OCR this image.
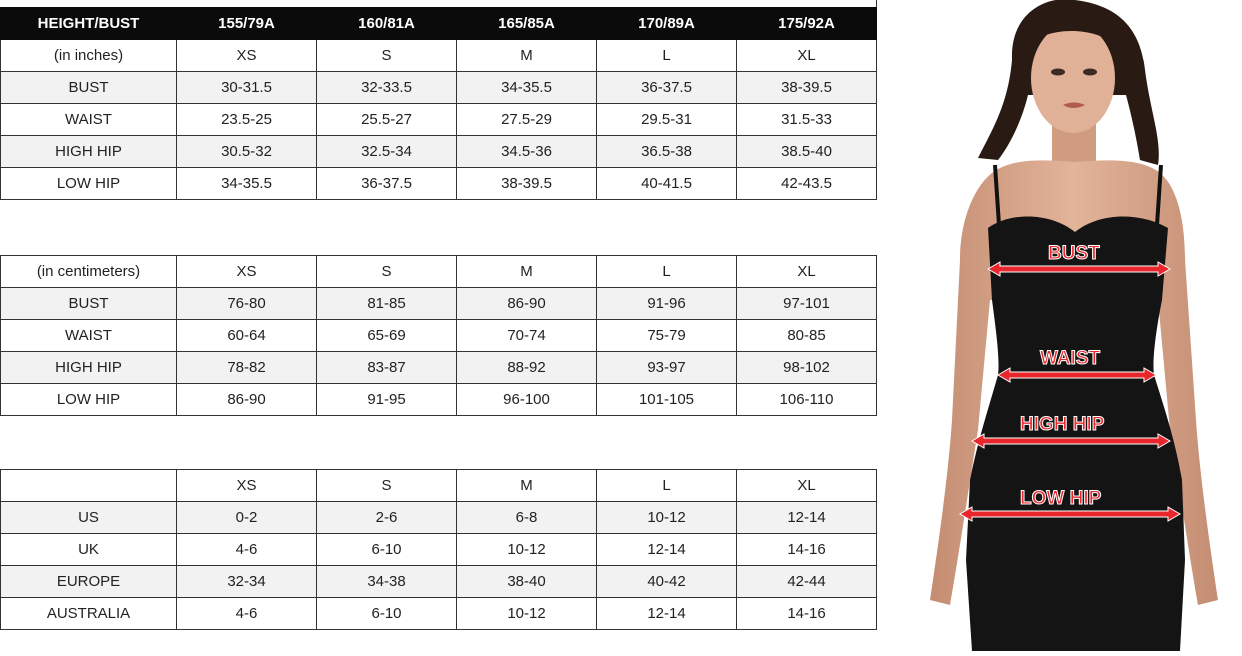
HEIGHT/BUST	155/79A	160/81A	165/85A	170/89A	175/92A
(in inches)	XS	S	M	L	XL
BUST	30-31.5	32-33.5	34-35.5	36-37.5	38-39.5
WAIST	23.5-25	25.5-27	27.5-29	29.5-31	31.5-33
HIGH HIP	30.5-32	32.5-34	34.5-36	36.5-38	38.5-40
LOW HIP	34-35.5	36-37.5	38-39.5	40-41.5	42-43.5
(in centimeters)	XS	S	M	L	XL
BUST	76-80	81-85	86-90	91-96	97-101
WAIST	60-64	65-69	70-74	75-79	80-85
HIGH HIP	78-82	83-87	88-92	93-97	98-102
LOW HIP	86-90	91-95	96-100	101-105	106-110
	XS	S	M	L	XL
US	0-2	2-6	6-8	10-12	12-14
UK	4-6	6-10	10-12	12-14	14-16
EUROPE	32-34	34-38	38-40	40-42	42-44
AUSTRALIA	4-6	6-10	10-12	12-14	14-16
BUST
WAIST
HIGH HIP
LOW HIP
